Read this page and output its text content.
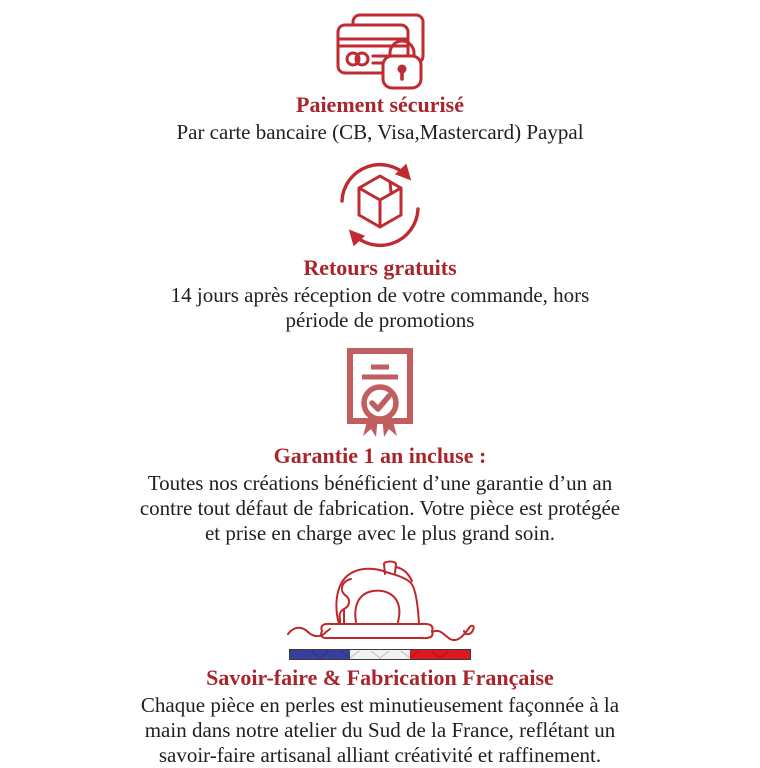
Paiement sécurisé
Par carte bancaire (CB, Visa,Mastercard) Paypal
Retours gratuits
14 jours après réception de votre commande, hors
période de promotions
Garantie 1 an incluse :
Toutes nos créations bénéficient d’une garantie d’un an
contre tout défaut de fabrication. Votre pièce est protégée
et prise en charge avec le plus grand soin.
Savoir-faire & Fabrication Française
Chaque pièce en perles est minutieusement façonnée à la
main dans notre atelier du Sud de la France, reflétant un
savoir-faire artisanal alliant créativité et raffinement.
